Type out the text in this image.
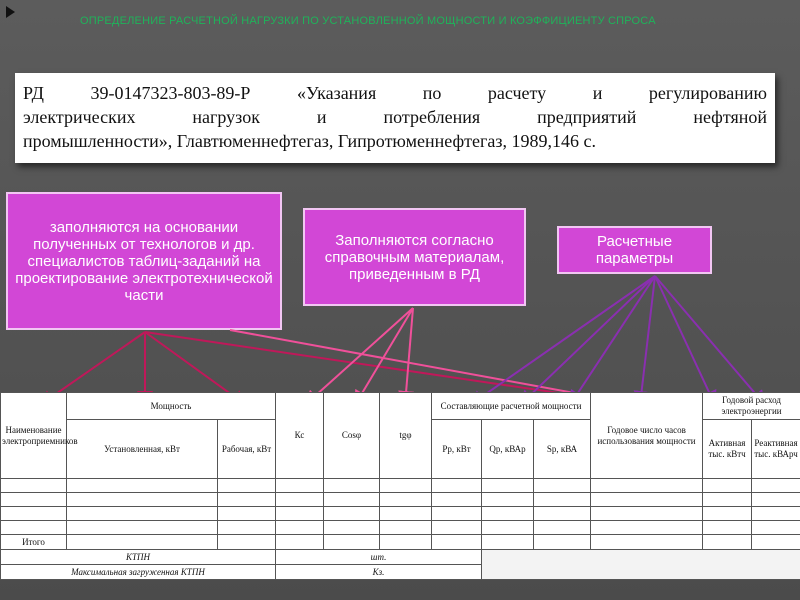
ОПРЕДЕЛЕНИЕ РАСЧЕТНОЙ НАГРУЗКИ ПО УСТАНОВЛЕННОЙ МОЩНОСТИ И КОЭФФИЦИЕНТУ СПРОСА

РД 39-0147323-803-89-Р «Указания по расчету и регулированию

электрических нагрузок и потребления предприятий нефтяной

промышленности», Главтюменнефтегаз, Гипротюменнефтегаз, 1989,146 с.

заполняются на основании полученных от технологов и др. специалистов таблиц-заданий на проектирование электротехнической части
Заполняются согласно справочным материалам, приведенным в РД
Расчетные параметры
Наименование электроприемников	Мощность		Кс	Cosφ	tgφ	Составляющие расчетной мощности			Годовое число часов использования мощности	Годовой расход электроэнергии	
	Установленная, кВт	Рабочая, кВт				Рр, кВт	Qр, кВАр	Sр, кВА		Активная тыс. кВтч	Реактивная тыс. кВАрч

Итого											
КТПН			шт.								
Максимальная загруженная КТПН			Кз.								
